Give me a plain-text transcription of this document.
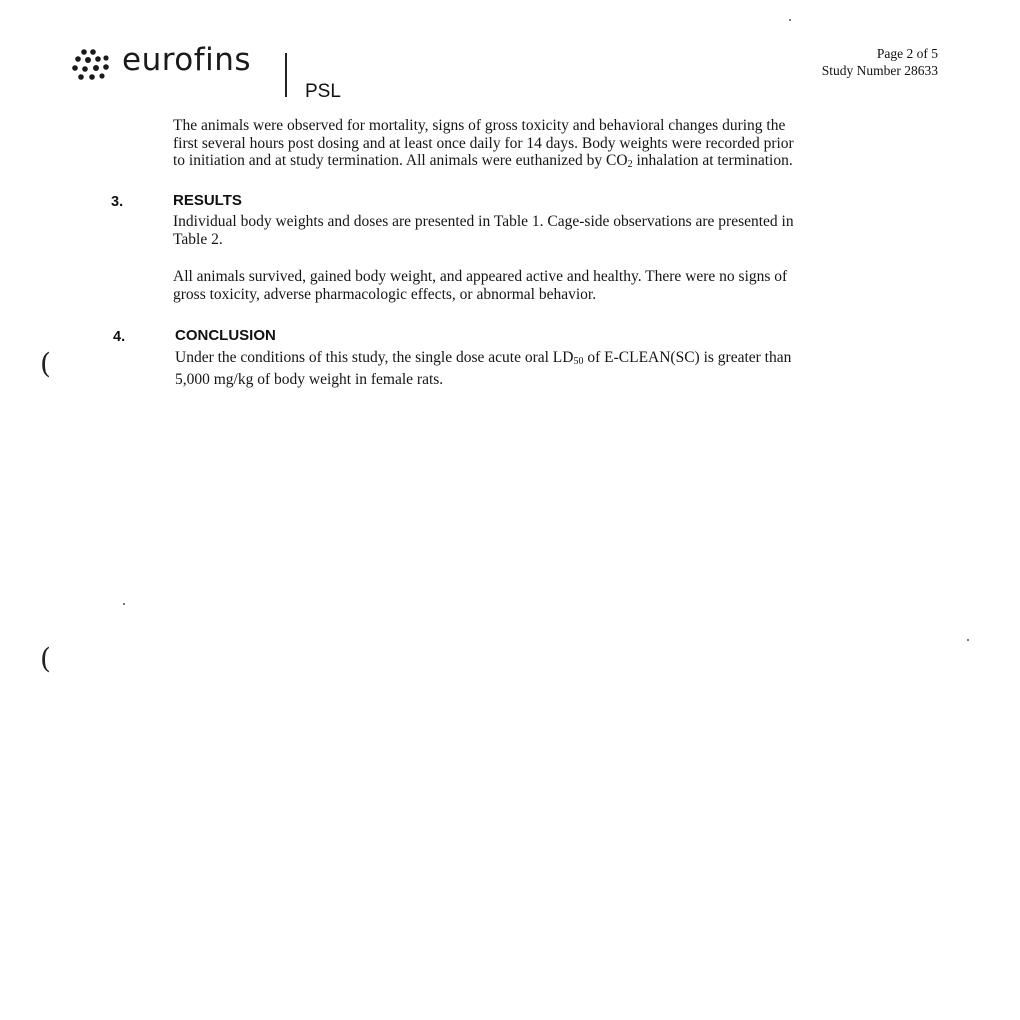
eurofins
PSL
Page 2 of 5
Study Number 28633

The animals were observed for mortality, signs of gross toxicity and behavioral changes during the
first several hours post dosing and at least once daily for 14 days. Body weights were recorded prior
to initiation and at study termination. All animals were euthanized by $CO_2$ inhalation at termination.

3.	RESULTS

Individual body weights and doses are presented in Table 1. Cage-side observations are presented in
Table 2.

All animals survived, gained body weight, and appeared active and healthy. There were no signs of
gross toxicity, adverse pharmacologic effects, or abnormal behavior.

4.	CONCLUSION

Under the conditions of this study, the single dose acute oral $LD_{50}$ of E-CLEAN(SC) is greater than
5,000 mg/kg of body weight in female rats.

(
(
